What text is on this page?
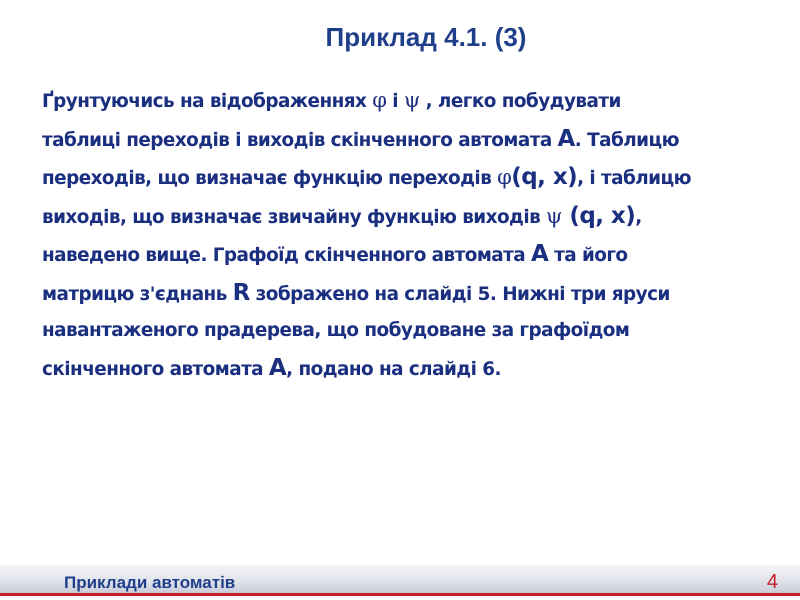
Приклад 4.1. (3)
Ґрунтуючись на відображеннях φ і ψ , легко побудувати
таблиці переходів і виходів скінченного автомата A. Таблицю
переходів, що визначає функцію переходів φ(q, x), і таблицю
виходів, що визначає звичайну функцію виходів ψ (q, x),
наведено вище. Графоїд скінченного автомата A та його
матрицю з'єднань R зображено на слайді 5. Нижні три яруси
навантаженого прадерева, що побудоване за графоїдом
скінченного автомата A, подано на слайді 6.
Приклади автоматів	4
